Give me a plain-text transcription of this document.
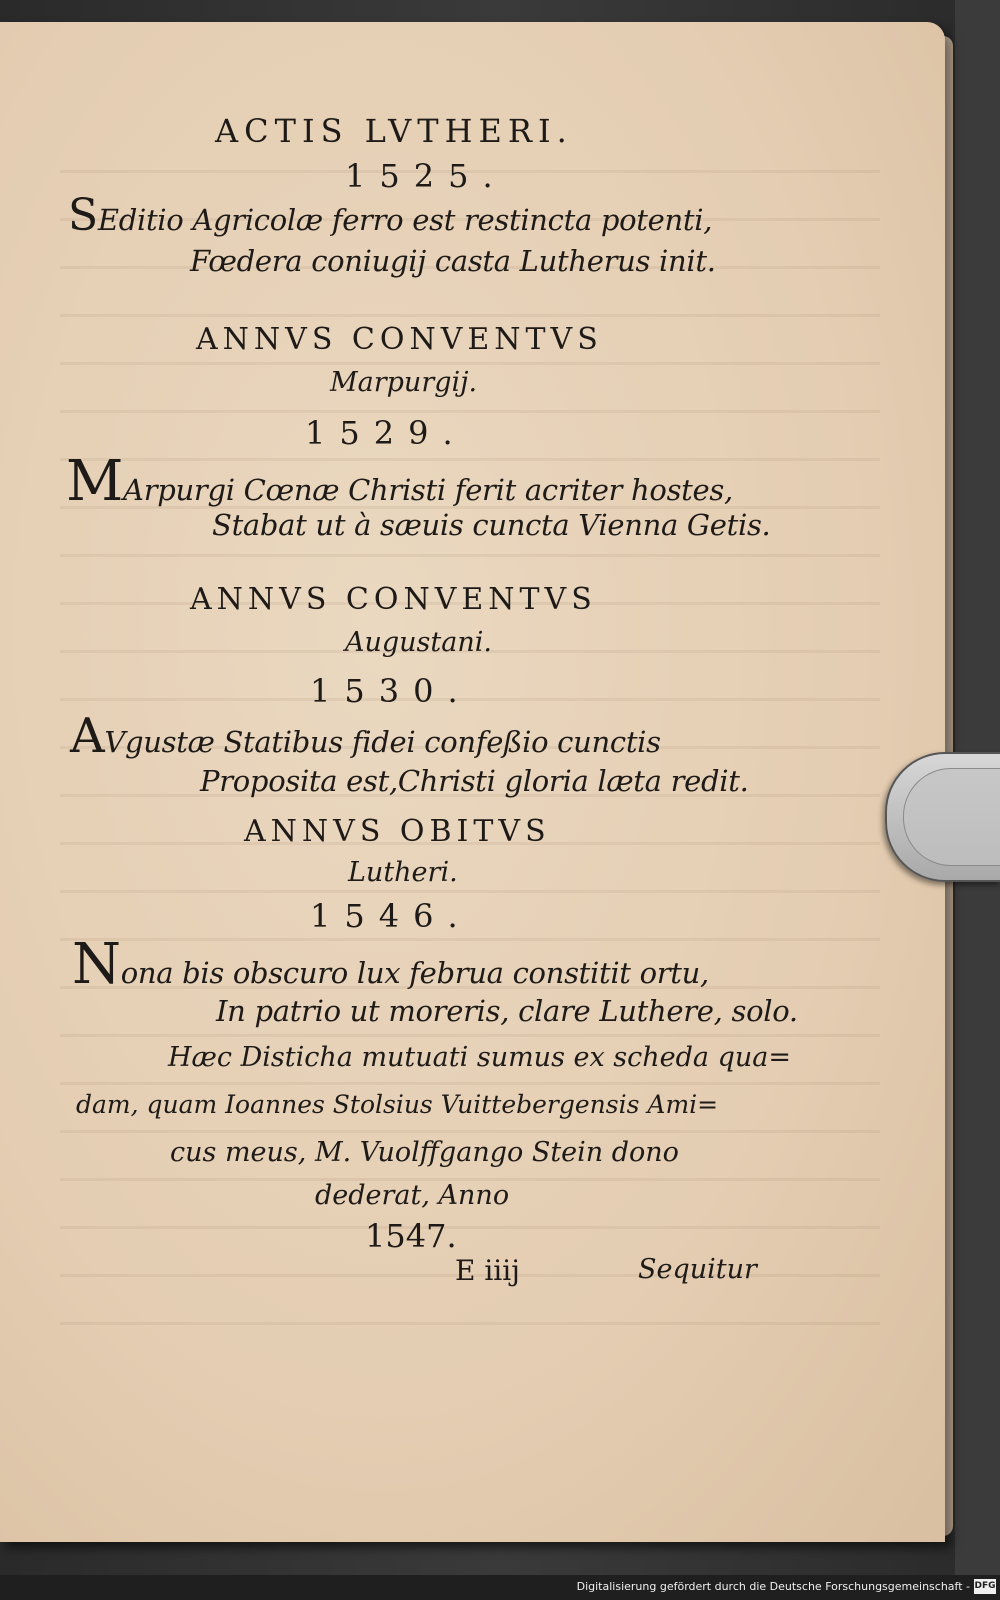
ACTIS LVTHERI.
1525.
SEditio Agricolæ ferro est restincta potenti,
Fœdera coniugij casta Lutherus init.
ANNVS CONVENTVS
Marpurgij.
1529.
MArpurgi Cœnæ Christi ferit acriter hostes,
Stabat ut à sæuis cuncta Vienna Getis.
ANNVS CONVENTVS
Augustani.
1530.
AVgustæ Statibus fidei confeßio cunctis
Proposita est,Christi gloria læta redit.
ANNVS OBITVS
Lutheri.
1546.
Nona bis obscuro lux februa constitit ortu,
In patrio ut moreris, clare Luthere, solo.
Hæc Disticha mutuati sumus ex scheda qua=
dam, quam Ioannes Stolsius Vuittebergensis Ami=
cus meus, M. Vuolffgango Stein dono
dederat, Anno
1547.
E iiij	Sequitur
Digitalisierung gefördert durch die Deutsche Forschungsgemeinschaft - DFG
